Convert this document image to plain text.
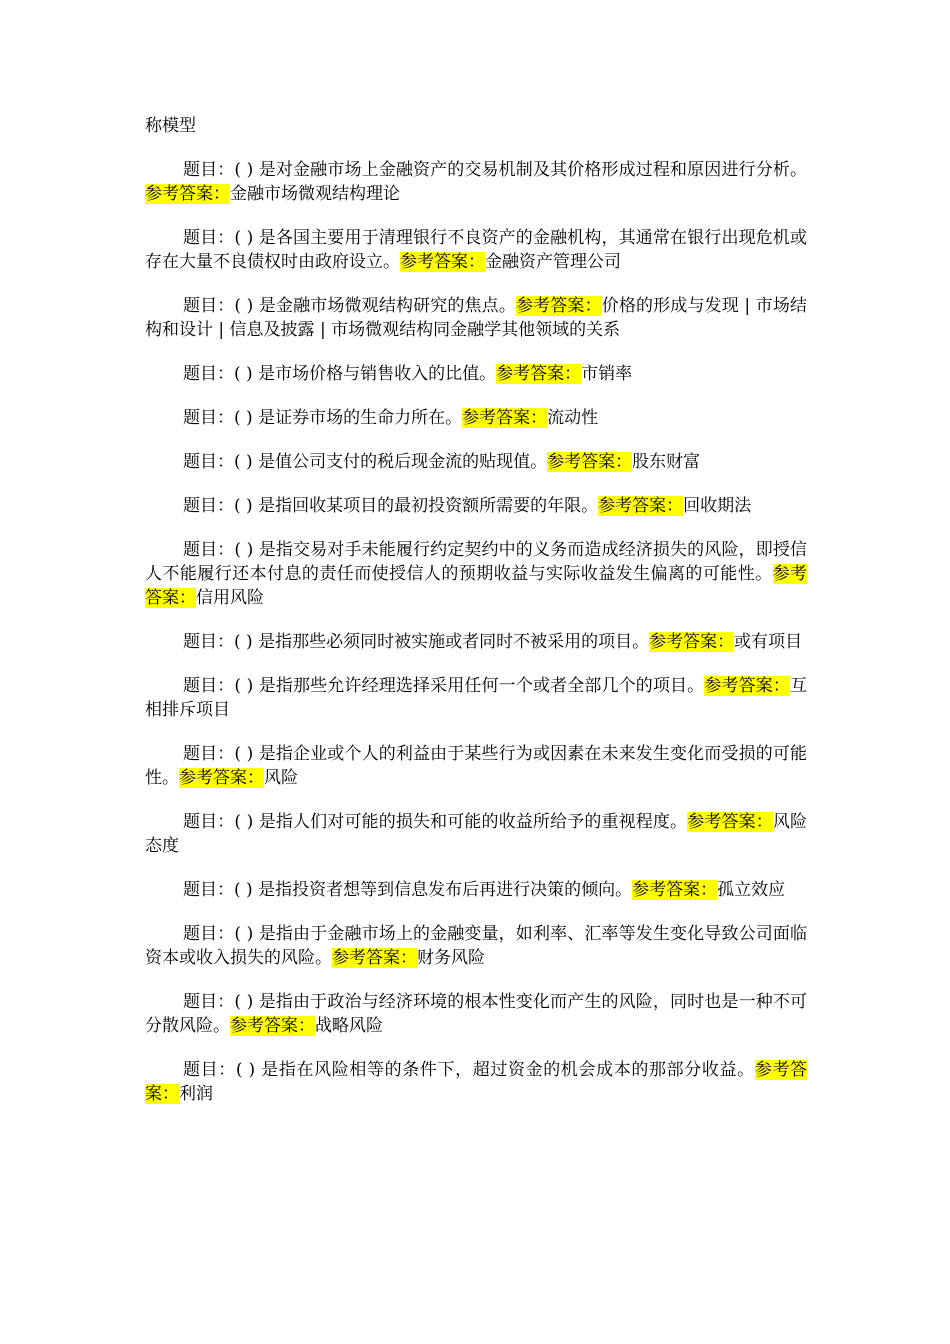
称模型

题目：( ) 是对金融市场上金融资产的交易机制及其价格形成过程和原因进行分析。参考答案：金融市场微观结构理论

题目：( ) 是各国主要用于清理银行不良资产的金融机构，其通常在银行出现危机或存在大量不良债权时由政府设立。参考答案：金融资产管理公司

题目：( ) 是金融市场微观结构研究的焦点。参考答案：价格的形成与发现 | 市场结构和设计 | 信息及披露 | 市场微观结构同金融学其他领域的关系

题目：( ) 是市场价格与销售收入的比值。参考答案：市销率

题目：( ) 是证券市场的生命力所在。参考答案：流动性

题目：( ) 是值公司支付的税后现金流的贴现值。参考答案：股东财富

题目：( ) 是指回收某项目的最初投资额所需要的年限。参考答案：回收期法

题目：( ) 是指交易对手未能履行约定契约中的义务而造成经济损失的风险，即授信人不能履行还本付息的责任而使授信人的预期收益与实际收益发生偏离的可能性。参考答案：信用风险

题目：( ) 是指那些必须同时被实施或者同时不被采用的项目。参考答案：或有项目

题目：( ) 是指那些允许经理选择采用任何一个或者全部几个的项目。参考答案：互相排斥项目

题目：( ) 是指企业或个人的利益由于某些行为或因素在未来发生变化而受损的可能性。参考答案：风险

题目：( ) 是指人们对可能的损失和可能的收益所给予的重视程度。参考答案：风险态度

题目：( ) 是指投资者想等到信息发布后再进行决策的倾向。参考答案：孤立效应

题目：( ) 是指由于金融市场上的金融变量，如利率、汇率等发生变化导致公司面临资本或收入损失的风险。参考答案：财务风险

题目：( ) 是指由于政治与经济环境的根本性变化而产生的风险，同时也是一种不可分散风险。参考答案：战略风险

题目：( ) 是指在风险相等的条件下，超过资金的机会成本的那部分收益。参考答案：利润
